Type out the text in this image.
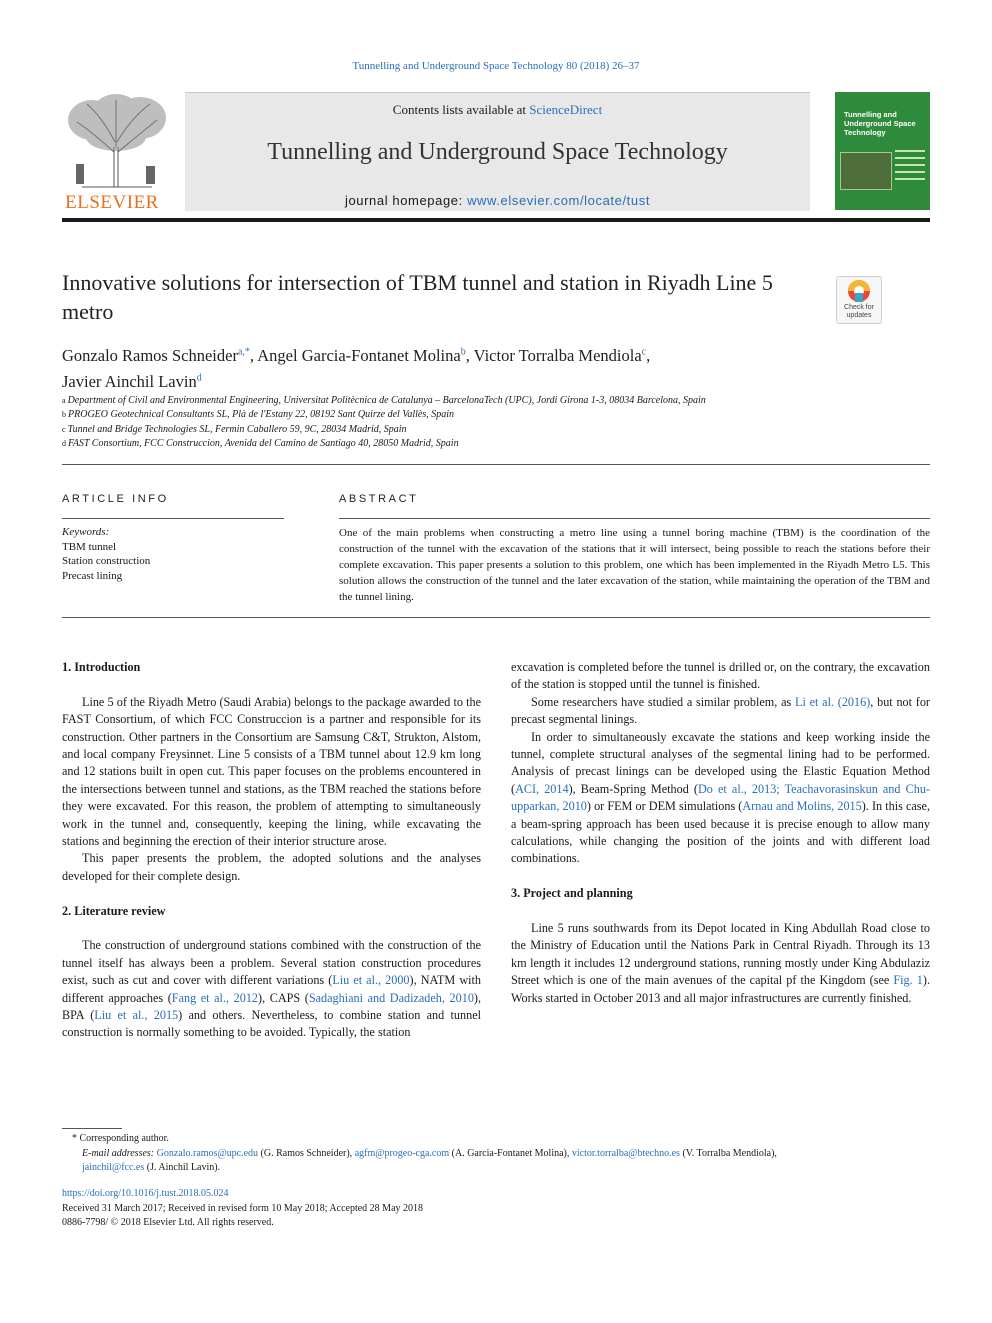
Tunnelling and Underground Space Technology 80 (2018) 26–37
ELSEVIER
Contents lists available at ScienceDirect
Tunnelling and Underground Space Technology
journal homepage: www.elsevier.com/locate/tust
Tunnelling and Underground Space Technology
Innovative solutions for intersection of TBM tunnel and station in Riyadh Line 5 metro	Check for updates
Gonzalo Ramos Schneider$^{a,*}$, Angel Garcia-Fontanet Molina$^b$, Victor Torralba Mendiola$^c$,
Javier Ainchil Lavin$^d$
$^a$ Department of Civil and Environmental Engineering, Universitat Politècnica de Catalunya – BarcelonaTech (UPC), Jordi Girona 1-3, 08034 Barcelona, Spain
$^b$ PROGEO Geotechnical Consultants SL, Plà de l'Estany 22, 08192 Sant Quirze del Vallès, Spain
$^c$ Tunnel and Bridge Technologies SL, Fermin Caballero 59, 9C, 28034 Madrid, Spain
$^d$ FAST Consortium, FCC Construccion, Avenida del Camino de Santiago 40, 28050 Madrid, Spain
ARTICLE INFO	ABSTRACT
Keywords:
TBM tunnel
Station construction
Precast lining
One of the main problems when constructing a metro line using a tunnel boring machine (TBM) is the coordination of the construction of the tunnel with the excavation of the stations that it will intersect, being possible to reach the stations before their complete excavation. This paper presents a solution to this problem, one which has been implemented in the Riyadh Metro L5. This solution allows the construction of the tunnel and the later excavation of the station, while maintaining the operation of the TBM and the tunnel lining.
1. Introduction

Line 5 of the Riyadh Metro (Saudi Arabia) belongs to the package awarded to the FAST Consortium, of which FCC Construccion is a partner and responsible for its construction. Other partners in the Consortium are Samsung C&T, Strukton, Alstom, and local company Freysinnet. Line 5 consists of a TBM tunnel about 12.9 km long and 12 stations built in open cut. This paper focuses on the problems encountered in the intersections between tunnel and stations, as the TBM reached the stations before they were excavated. For this reason, the problem of attempting to simultaneously work in the tunnel and, consequently, keeping the lining, while excavating the stations and beginning the erection of their interior structure arose.

This paper presents the problem, the adopted solutions and the analyses developed for their complete design.

2. Literature review

The construction of underground stations combined with the construction of the tunnel itself has always been a problem. Several station construction procedures exist, such as cut and cover with different variations (Liu et al., 2000), NATM with different approaches (Fang et al., 2012), CAPS (Sadaghiani and Dadizadeh, 2010), BPA (Liu et al., 2015) and others. Nevertheless, to combine station and tunnel construction is normally something to be avoided. Typically, the station

excavation is completed before the tunnel is drilled or, on the contrary, the excavation of the station is stopped until the tunnel is finished.

Some researchers have studied a similar problem, as Li et al. (2016), but not for precast segmental linings.

In order to simultaneously excavate the stations and keep working inside the tunnel, complete structural analyses of the segmental lining had to be performed. Analysis of precast linings can be developed using the Elastic Equation Method (ACI, 2014), Beam-Spring Method (Do et al., 2013; Teachavorasinskun and Chu-upparkan, 2010) or FEM or DEM simulations (Arnau and Molins, 2015). In this case, a beam-spring approach has been used because it is precise enough to allow many calculations, while changing the position of the joints and with different load combinations.

3. Project and planning

Line 5 runs southwards from its Depot located in King Abdullah Road close to the Ministry of Education until the Nations Park in Central Riyadh. Through its 13 km length it includes 12 underground stations, running mostly under King Abdulaziz Street which is one of the main avenues of the capital pf the Kingdom (see Fig. 1). Works started in October 2013 and all major infrastructures are currently finished.

* Corresponding author.
E-mail addresses: Gonzalo.ramos@upc.edu (G. Ramos Schneider), agfm@progeo-cga.com (A. Garcia-Fontanet Molina), victor.torralba@btechno.es (V. Torralba Mendiola),
jainchil@fcc.es (J. Ainchil Lavin).
https://doi.org/10.1016/j.tust.2018.05.024
Received 31 March 2017; Received in revised form 10 May 2018; Accepted 28 May 2018
0886-7798/ © 2018 Elsevier Ltd. All rights reserved.
